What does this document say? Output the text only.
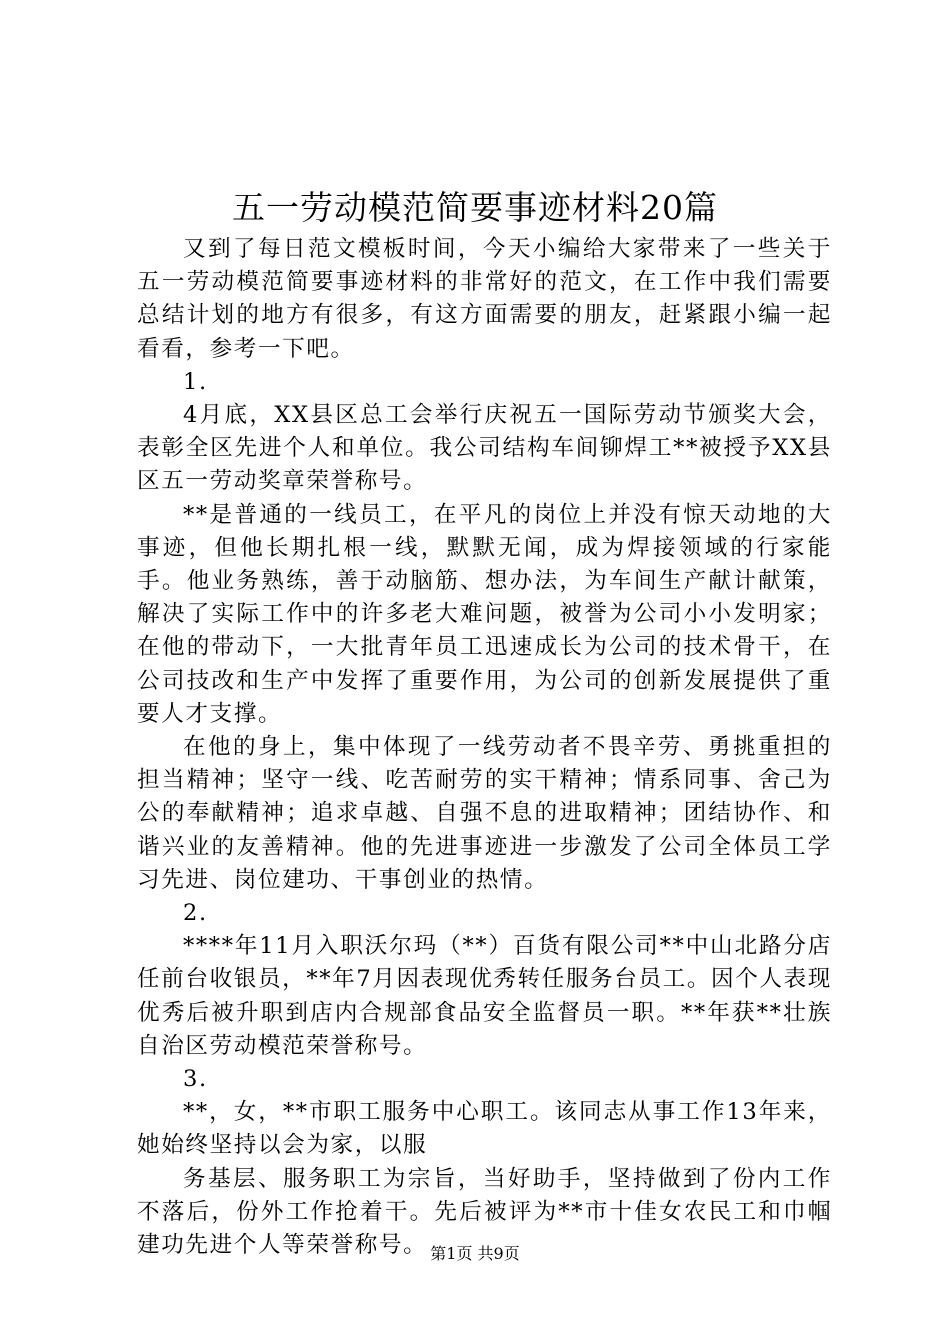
五一劳动模范简要事迹材料20篇

又到了每日范文模板时间，今天小编给大家带来了一些关于五一劳动模范简要事迹材料的非常好的范文，在工作中我们需要总结计划的地方有很多，有这方面需要的朋友，赶紧跟小编一起看看，参考一下吧。

1.

4月底，XX县区总工会举行庆祝五一国际劳动节颁奖大会，表彰全区先进个人和单位。我公司结构车间铆焊工**被授予XX县区五一劳动奖章荣誉称号。

**是普通的一线员工，在平凡的岗位上并没有惊天动地的大事迹，但他长期扎根一线，默默无闻，成为焊接领域的行家能手。他业务熟练，善于动脑筋、想办法，为车间生产献计献策，解决了实际工作中的许多老大难问题，被誉为公司小小发明家；在他的带动下，一大批青年员工迅速成长为公司的技术骨干，在公司技改和生产中发挥了重要作用，为公司的创新发展提供了重要人才支撑。

在他的身上，集中体现了一线劳动者不畏辛劳、勇挑重担的担当精神；坚守一线、吃苦耐劳的实干精神；情系同事、舍己为公的奉献精神；追求卓越、自强不息的进取精神；团结协作、和谐兴业的友善精神。他的先进事迹进一步激发了公司全体员工学习先进、岗位建功、干事创业的热情。

2.

****年11月入职沃尔玛（**）百货有限公司**中山北路分店任前台收银员，**年7月因表现优秀转任服务台员工。因个人表现优秀后被升职到店内合规部食品安全监督员一职。**年获**壮族自治区劳动模范荣誉称号。

3.

**，女，**市职工服务中心职工。该同志从事工作13年来，她始终坚持以会为家，以服

务基层、服务职工为宗旨，当好助手，坚持做到了份内工作不落后，份外工作抢着干。先后被评为**市十佳女农民工和巾帼建功先进个人等荣誉称号。 第1页 共9页
